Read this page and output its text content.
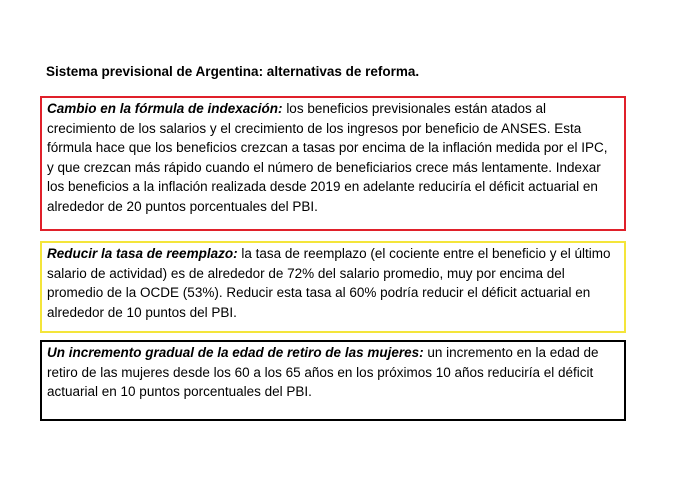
Sistema previsional de Argentina: alternativas de reforma.

Cambio en la fórmula de indexación: los beneficios previsionales están atados al crecimiento de los salarios y el crecimiento de los ingresos por beneficio de ANSES. Esta fórmula hace que los beneficios crezcan a tasas por encima de la inflación medida por el IPC, y que crezcan más rápido cuando el número de beneficiarios crece más lentamente. Indexar los beneficios a la inflación realizada desde 2019 en adelante reduciría el déficit actuarial en alrededor de 20 puntos porcentuales del PBI.

Reducir la tasa de reemplazo: la tasa de reemplazo (el cociente entre el beneficio y el último salario de actividad) es de alrededor de 72% del salario promedio, muy por encima del promedio de la OCDE (53%). Reducir esta tasa al 60% podría reducir el déficit actuarial en alrededor de 10 puntos del PBI.

Un incremento gradual de la edad de retiro de las mujeres: un incremento en la edad de retiro de las mujeres desde los 60 a los 65 años en los próximos 10 años reduciría el déficit actuarial en 10 puntos porcentuales del PBI.
